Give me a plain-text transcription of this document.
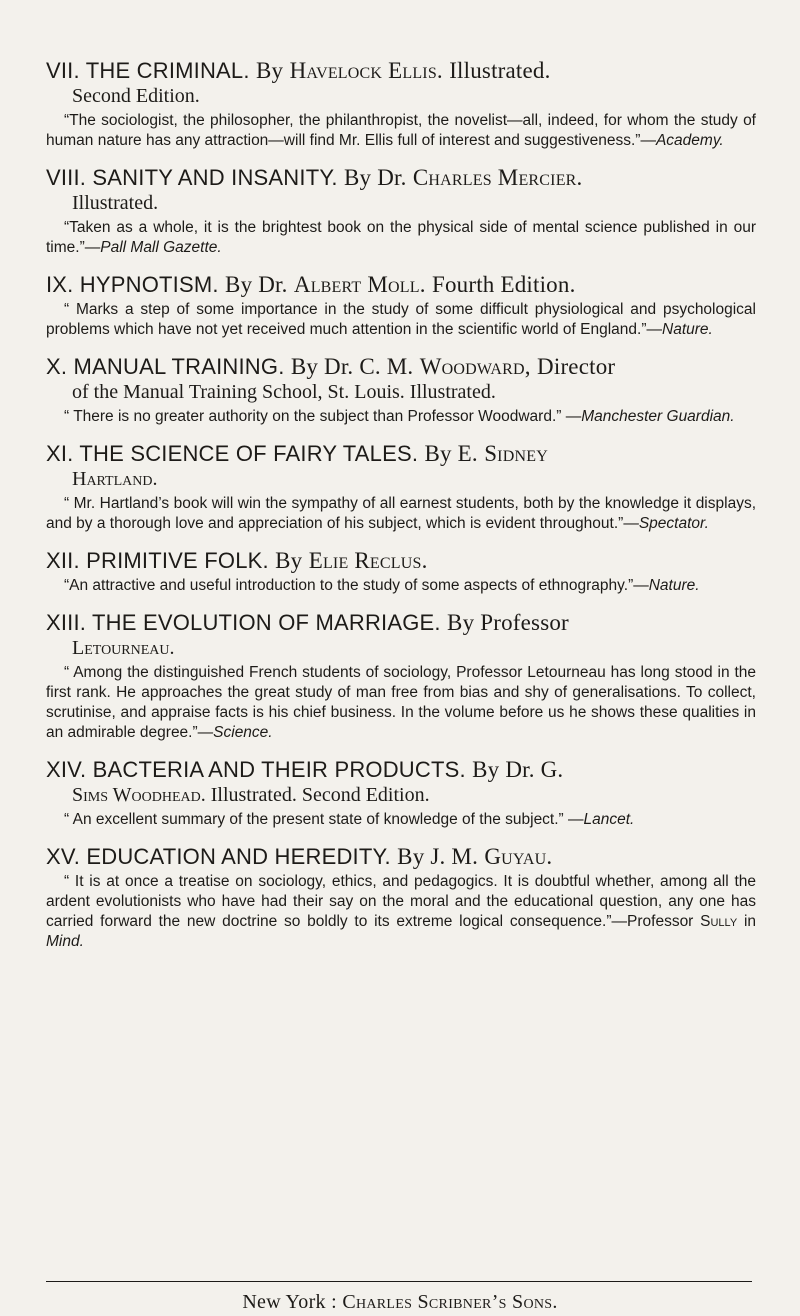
VII. THE CRIMINAL. By Havelock Ellis. Illustrated.
Second Edition.
“The sociologist, the philosopher, the philanthropist, the novelist—all, indeed, for whom the study of human nature has any attraction—will find Mr. Ellis full of interest and suggestiveness.”—Academy.
VIII. SANITY AND INSANITY. By Dr. Charles Mercier.
Illustrated.
“Taken as a whole, it is the brightest book on the physical side of mental science published in our time.”—Pall Mall Gazette.
IX. HYPNOTISM. By Dr. Albert Moll. Fourth Edition.
“ Marks a step of some importance in the study of some difficult physiological and psychological problems which have not yet received much attention in the scientific world of England.”—Nature.
X. MANUAL TRAINING. By Dr. C. M. Woodward, Director
of the Manual Training School, St. Louis. Illustrated.
“ There is no greater authority on the subject than Professor Woodward.” —Manchester Guardian.
XI. THE SCIENCE OF FAIRY TALES. By E. Sidney
Hartland.
“ Mr. Hartland’s book will win the sympathy of all earnest students, both by the knowledge it displays, and by a thorough love and appreciation of his subject, which is evident throughout.”—Spectator.
XII. PRIMITIVE FOLK. By Elie Reclus.
“An attractive and useful introduction to the study of some aspects of ethnography.”—Nature.
XIII. THE EVOLUTION OF MARRIAGE. By Professor
Letourneau.
“ Among the distinguished French students of sociology, Professor Letourneau has long stood in the first rank. He approaches the great study of man free from bias and shy of generalisations. To collect, scrutinise, and appraise facts is his chief business. In the volume before us he shows these qualities in an admirable degree.”—Science.
XIV. BACTERIA AND THEIR PRODUCTS. By Dr. G.
Sims Woodhead. Illustrated. Second Edition.
“ An excellent summary of the present state of knowledge of the subject.” —Lancet.
XV. EDUCATION AND HEREDITY. By J. M. Guyau.
“ It is at once a treatise on sociology, ethics, and pedagogics. It is doubtful whether, among all the ardent evolutionists who have had their say on the moral and the educational question, any one has carried forward the new doctrine so boldly to its extreme logical consequence.”—Professor Sully in Mind.
New York : Charles Scribner’s Sons.
